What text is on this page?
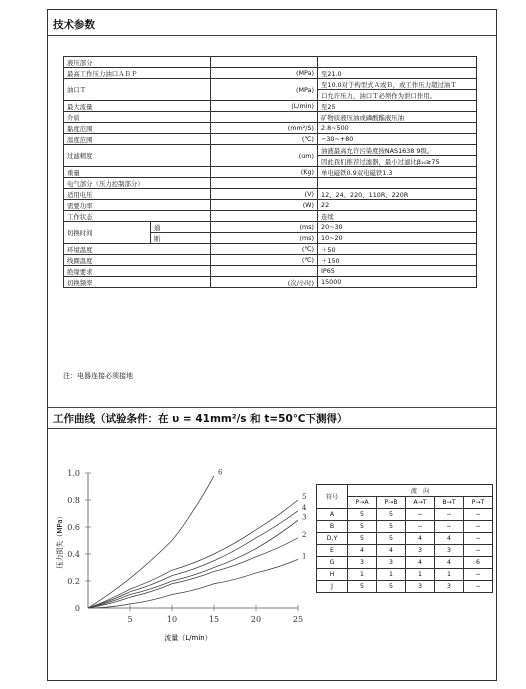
技术参数
液压部分			
最高工作压力油口ＡＢＰ		(MPa)	至21.0
油口Ｔ		(MPa)	至10.0对于构型式Ａ或Ｂ，或工作压力超过油Ｔ
			口允许压力，油口Ｔ必须作为泄口作用。
最大流量		(L/min)	至25
介质			矿物质液压油或磷酸酯液压油
黏度范围		(mm²/S)	2.8~500
温度范围		(℃)	−30~+80
过滤精度		(um)	油液最高允许污染度按NAS1638 9级。
			因此我们推荐过滤器，最小过滤比β₁₀≥75
重量		(Kg)	单电磁铁0.9双电磁铁1.3
电气部分（压力控制部分）			
适用电压		(V)	12、24、220、110R、220R
需要功率		(W)	22
工作状态			连续
切换时间	通	(ms)	20~30
	断	(ms)	10~20
环境温度		(℃)	＋50
线圈温度		(℃)	＋150
绝缘要求			IP65
切换频率		(次/小时)	15000
注：电器连接必须接地
工作曲线（试验条件：在 υ = 41mm²/s 和 t=50℃下测得）
0
0.2
0.4
0.6
0.8
1.0
5	10	15	20	25
流量（L/min）
压力损失（MPa）	1
2
3
4
5
6
符号	流　向				
	P→A	P→B	A→T	B→T	P→T
A	5	5	−	−	−
B	5	5	−	−	−
D,Y	5	5	4	4	−
E	4	4	3	3	−
G	3	3	4	4	6
H	1	1	1	1	−
J	5	5	3	3	−
